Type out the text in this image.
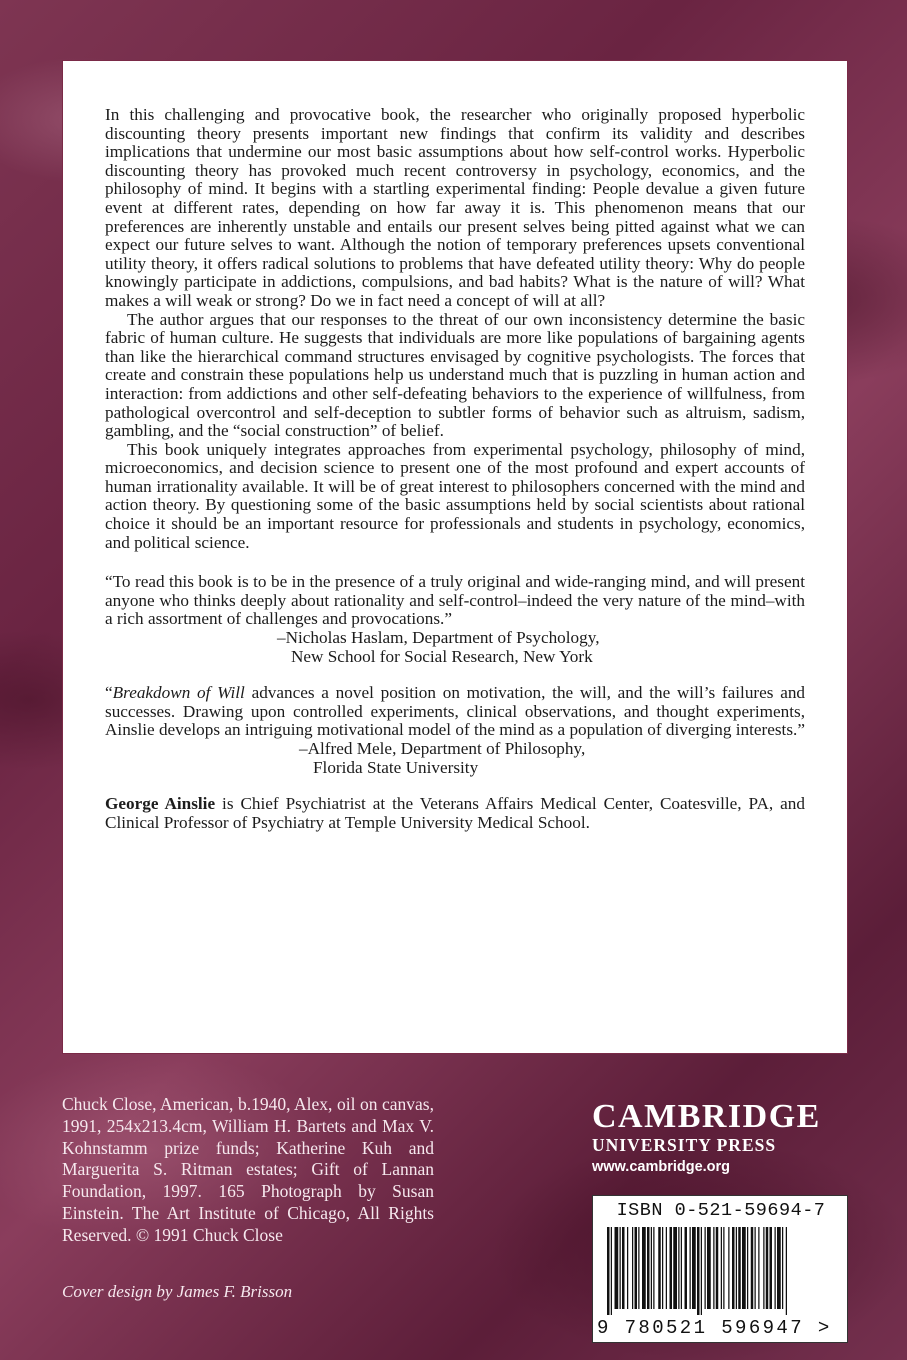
In this challenging and provocative book, the researcher who originally proposed hyperbolic discounting theory presents important new findings that confirm its validity and describes implications that undermine our most basic assumptions about how self-control works. Hyperbolic discounting theory has provoked much recent controversy in psychology, economics, and the philosophy of mind. It begins with a startling experimental finding: People devalue a given future event at different rates, depending on how far away it is. This phenomenon means that our preferences are inherently unstable and entails our present selves being pitted against what we can expect our future selves to want. Although the notion of temporary preferences upsets conventional utility theory, it offers radical solutions to problems that have defeated utility theory: Why do people knowingly participate in addictions, compulsions, and bad habits? What is the nature of will? What makes a will weak or strong? Do we in fact need a concept of will at all?

The author argues that our responses to the threat of our own inconsistency determine the basic fabric of human culture. He suggests that individuals are more like populations of bargaining agents than like the hierarchical command structures envisaged by cognitive psychologists. The forces that create and constrain these populations help us understand much that is puzzling in human action and interaction: from addictions and other self-defeating behaviors to the experience of willfulness, from pathological overcontrol and self-deception to subtler forms of behavior such as altruism, sadism, gambling, and the “social construction” of belief.

This book uniquely integrates approaches from experimental psychology, philosophy of mind, microeconomics, and decision science to present one of the most profound and expert accounts of human irrationality available. It will be of great interest to philosophers concerned with the mind and action theory. By questioning some of the basic assumptions held by social scientists about rational choice it should be an important resource for professionals and students in psychology, economics, and political science.

“To read this book is to be in the presence of a truly original and wide-ranging mind, and will present anyone who thinks deeply about rationality and self-control–indeed the very nature of the mind–with a rich assortment of challenges and provocations.”

–Nicholas Haslam, Department of Psychology,

New School for Social Research, New York

“Breakdown of Will advances a novel position on motivation, the will, and the will’s failures and successes. Drawing upon controlled experiments, clinical observations, and thought experiments, Ainslie develops an intriguing motivational model of the mind as a population of diverging interests.”

–Alfred Mele, Department of Philosophy,

Florida State University

George Ainslie is Chief Psychiatrist at the Veterans Affairs Medical Center, Coatesville, PA, and Clinical Professor of Psychiatry at Temple University Medical School.

Chuck Close, American, b.1940, Alex, oil on canvas, 1991, 254x213.4cm, William H. Bartets and Max V. Kohnstamm prize funds; Katherine Kuh and Marguerita S. Ritman estates; Gift of Lannan Foundation, 1997. 165 Photograph by Susan Einstein. The Art Institute of Chicago, All Rights Reserved. © 1991 Chuck Close

Cover design by James F. Brisson

CAMBRIDGE

UNIVERSITY PRESS

www.cambridge.org

ISBN 0-521-59694-7
9 780521 596947 >
